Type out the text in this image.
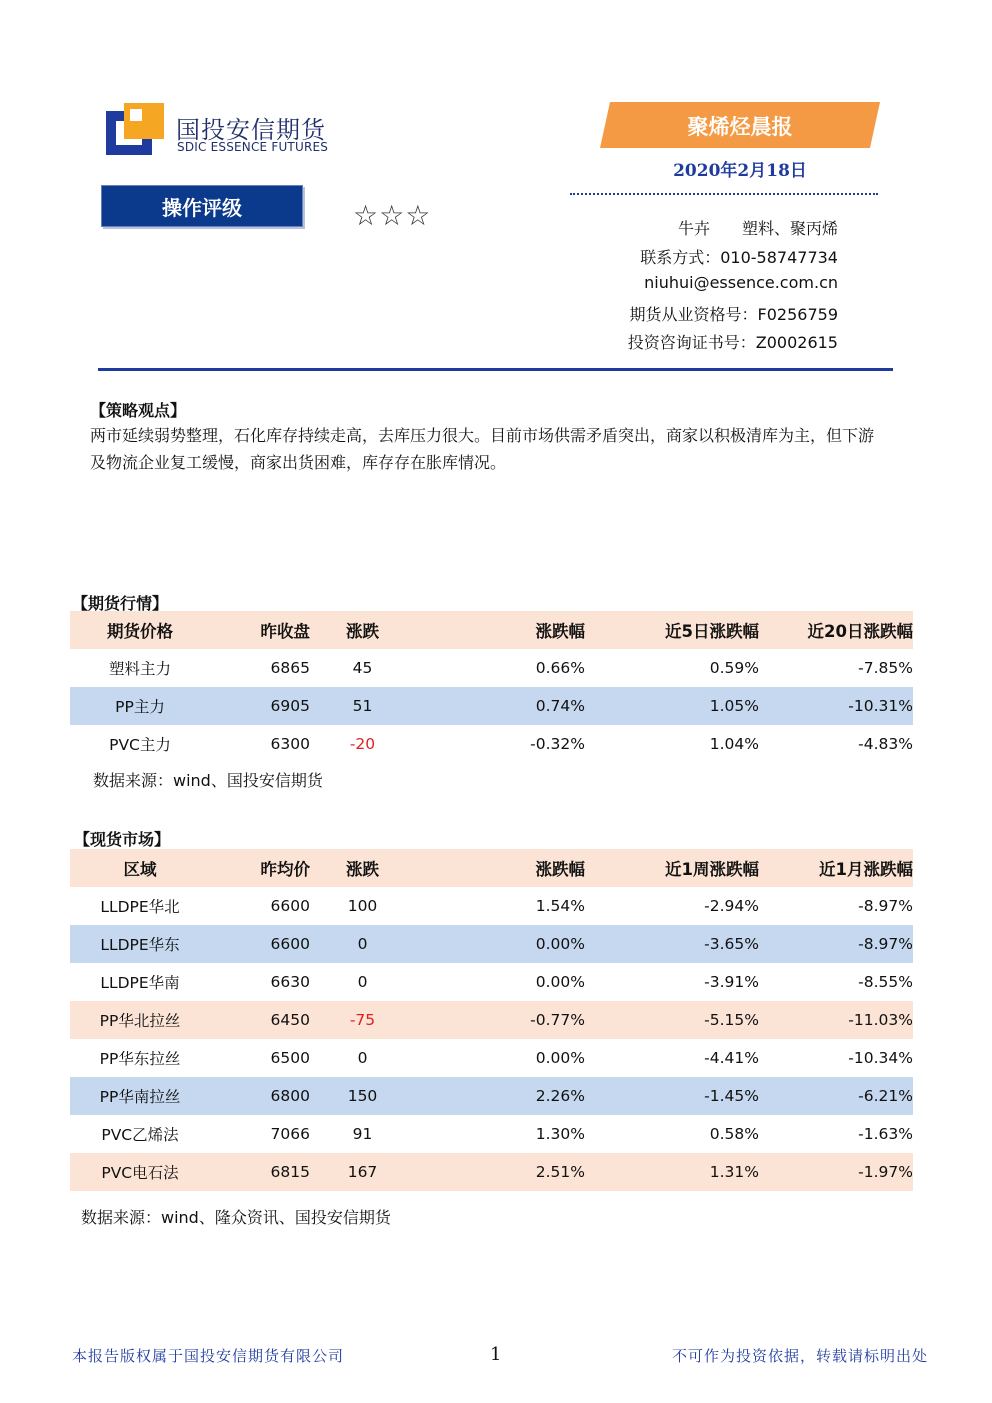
国投安信期货
SDIC ESSENCE FUTURES
聚烯烃晨报
2020年2月18日
操作评级	☆☆☆	牛卉　　塑料、聚丙烯
联系方式：010-58747734
niuhui@essence.com.cn
期货从业资格号：F0256759
投资咨询证书号：Z0002615
【策略观点】
两市延续弱势整理，石化库存持续走高，去库压力很大。目前市场供需矛盾突出，商家以积极清库为主，但下游及物流企业复工缓慢，商家出货困难，库存存在胀库情况。
【期货行情】
期货价格	昨收盘	涨跌	涨跌幅	近5日涨跌幅	近20日涨跌幅
塑料主力	6865	45	0.66%	0.59%	-7.85%
PP主力	6905	51	0.74%	1.05%	-10.31%
PVC主力	6300	-20	-0.32%	1.04%	-4.83%
数据来源：wind、国投安信期货
【现货市场】
区域	昨均价	涨跌	涨跌幅	近1周涨跌幅	近1月涨跌幅
LLDPE华北	6600	100	1.54%	-2.94%	-8.97%
LLDPE华东	6600	0	0.00%	-3.65%	-8.97%
LLDPE华南	6630	0	0.00%	-3.91%	-8.55%
PP华北拉丝	6450	-75	-0.77%	-5.15%	-11.03%
PP华东拉丝	6500	0	0.00%	-4.41%	-10.34%
PP华南拉丝	6800	150	2.26%	-1.45%	-6.21%
PVC乙烯法	7066	91	1.30%	0.58%	-1.63%
PVC电石法	6815	167	2.51%	1.31%	-1.97%
数据来源：wind、隆众资讯、国投安信期货
本报告版权属于国投安信期货有限公司	1	不可作为投资依据，转载请标明出处
